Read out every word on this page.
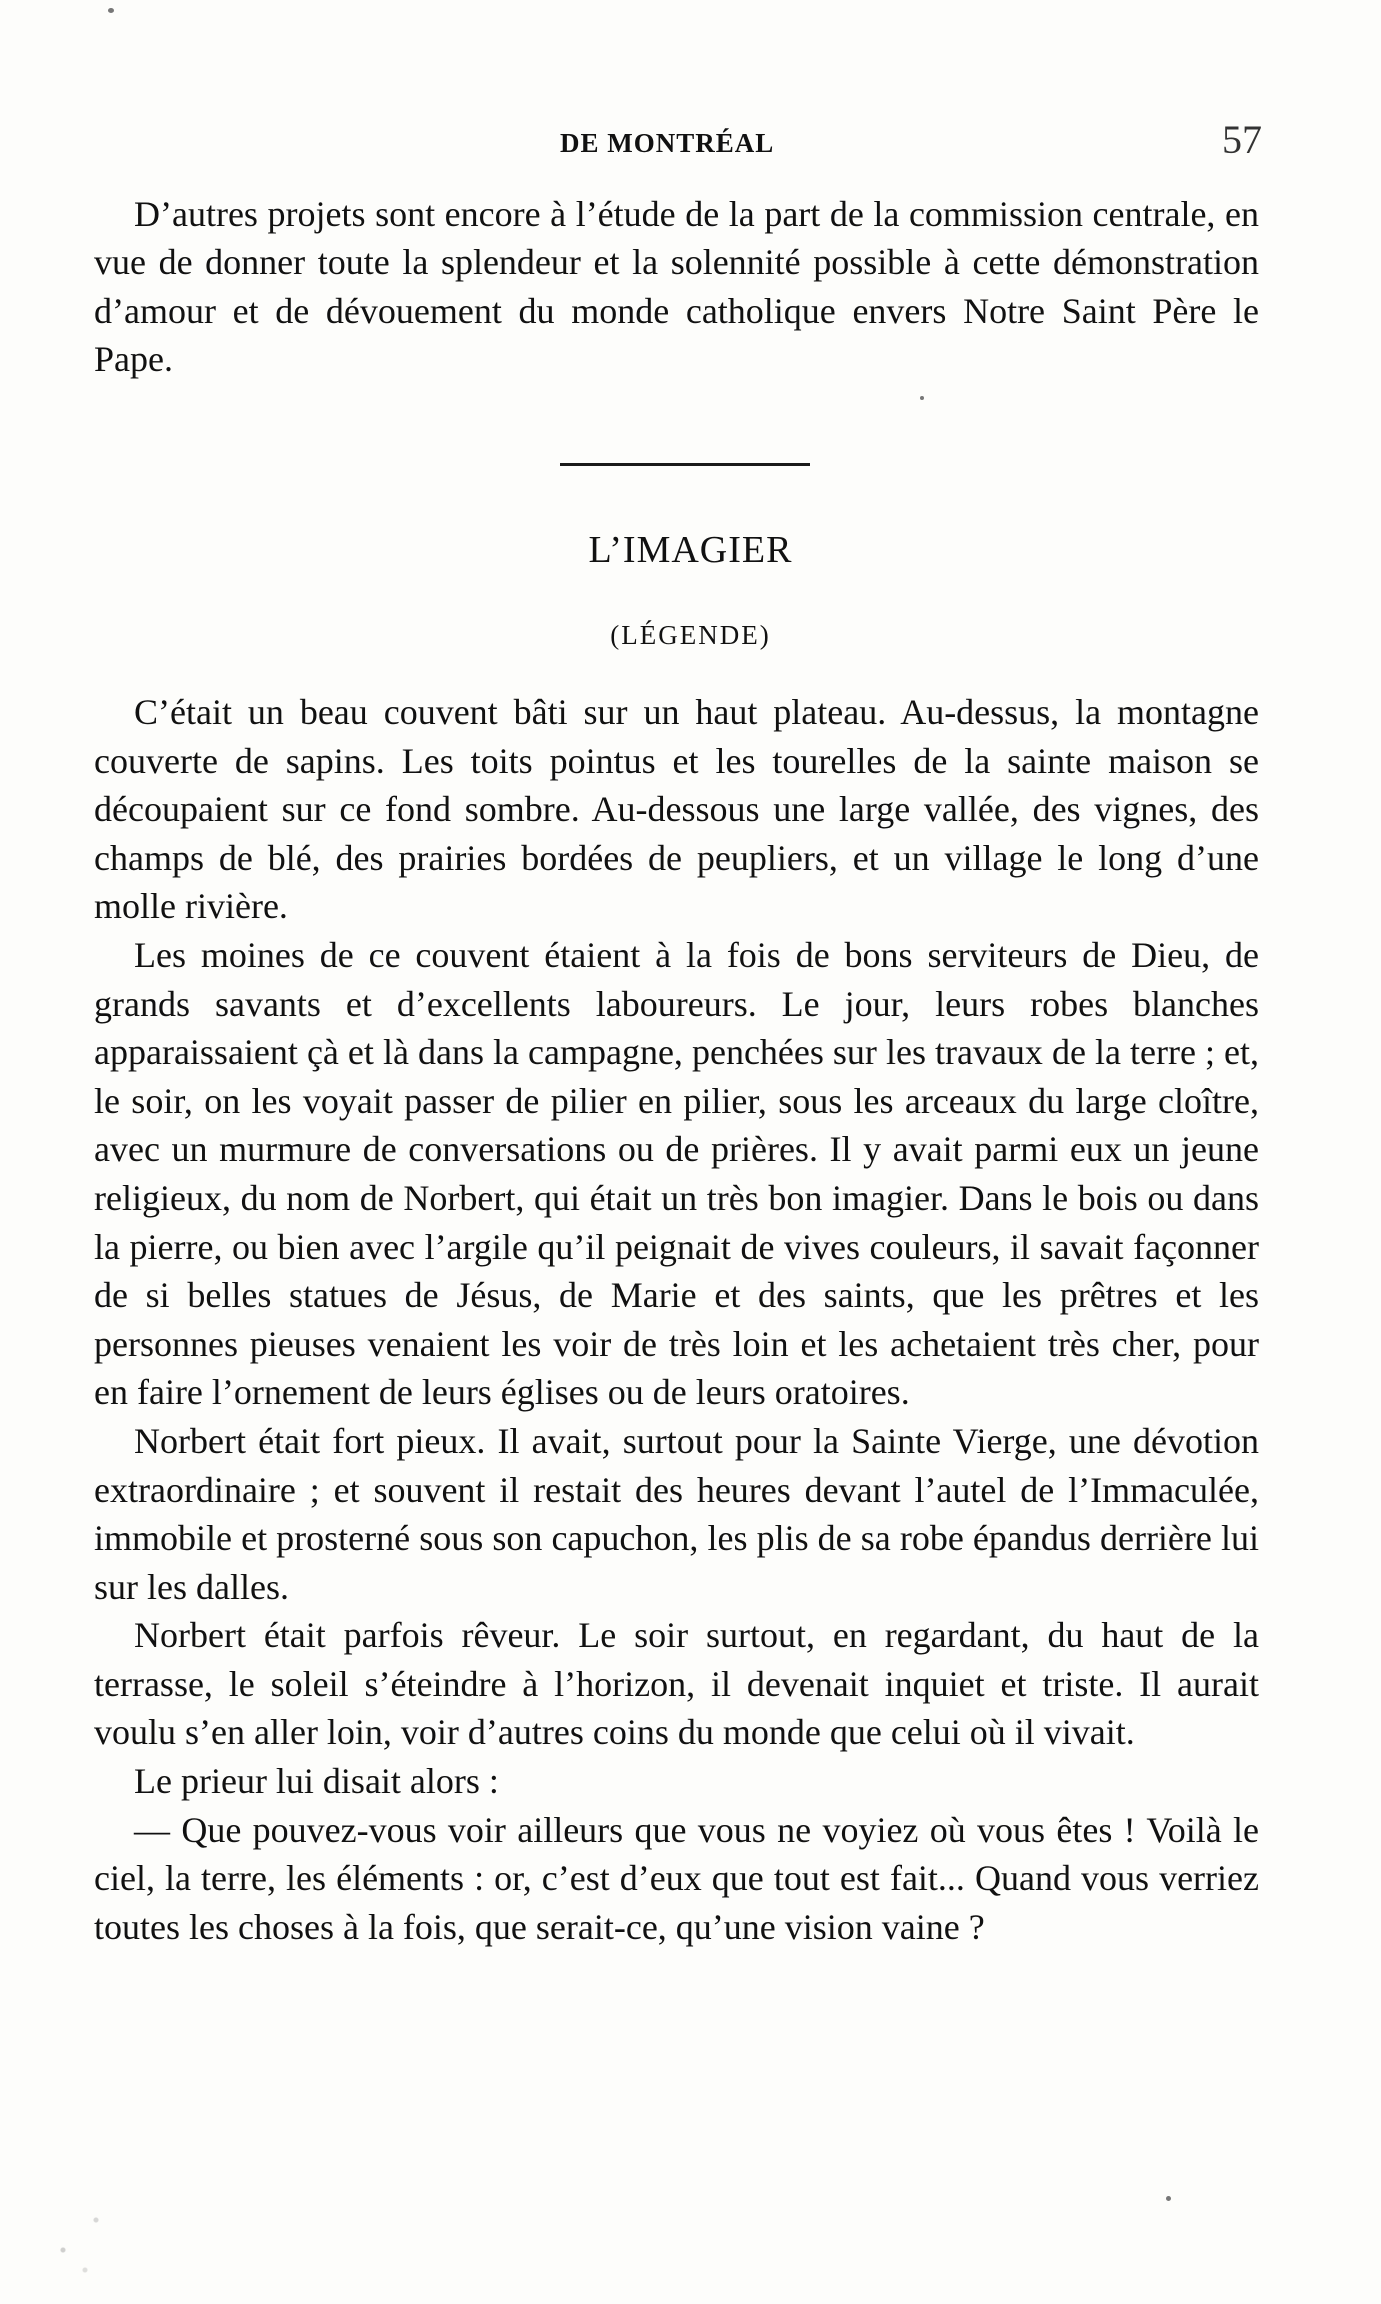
DE MONTRÉAL	57

D’autres projets sont encore à l’étude de la part de la commission centrale, en vue de donner toute la splendeur et la solennité possible à cette démonstration d’amour et de dévouement du monde catholique envers Notre Saint Père le Pape.

L’IMAGIER
(LÉGENDE)

C’était un beau couvent bâti sur un haut plateau. Au-dessus, la montagne couverte de sapins. Les toits pointus et les tourelles de la sainte maison se découpaient sur ce fond sombre. Au-dessous une large vallée, des vignes, des champs de blé, des prairies bordées de peupliers, et un village le long d’une molle rivière.

Les moines de ce couvent étaient à la fois de bons serviteurs de Dieu, de grands savants et d’excellents laboureurs. Le jour, leurs robes blanches apparaissaient çà et là dans la campagne, penchées sur les travaux de la terre ; et, le soir, on les voyait passer de pilier en pilier, sous les arceaux du large cloître, avec un murmure de conversations ou de prières. Il y avait parmi eux un jeune religieux, du nom de Norbert, qui était un très bon imagier. Dans le bois ou dans la pierre, ou bien avec l’argile qu’il peignait de vives couleurs, il savait façonner de si belles statues de Jésus, de Marie et des saints, que les prêtres et les personnes pieuses venaient les voir de très loin et les achetaient très cher, pour en faire l’ornement de leurs églises ou de leurs oratoires.

Norbert était fort pieux. Il avait, surtout pour la Sainte Vierge, une dévotion extraordinaire ; et souvent il restait des heures devant l’autel de l’Immaculée, immobile et prosterné sous son capuchon, les plis de sa robe épandus derrière lui sur les dalles.

Norbert était parfois rêveur. Le soir surtout, en regardant, du haut de la terrasse, le soleil s’éteindre à l’horizon, il devenait inquiet et triste. Il aurait voulu s’en aller loin, voir d’autres coins du monde que celui où il vivait.

Le prieur lui disait alors :

— Que pouvez-vous voir ailleurs que vous ne voyiez où vous êtes ! Voilà le ciel, la terre, les éléments : or, c’est d’eux que tout est fait... Quand vous verriez toutes les choses à la fois, que serait-ce, qu’une vision vaine ?
